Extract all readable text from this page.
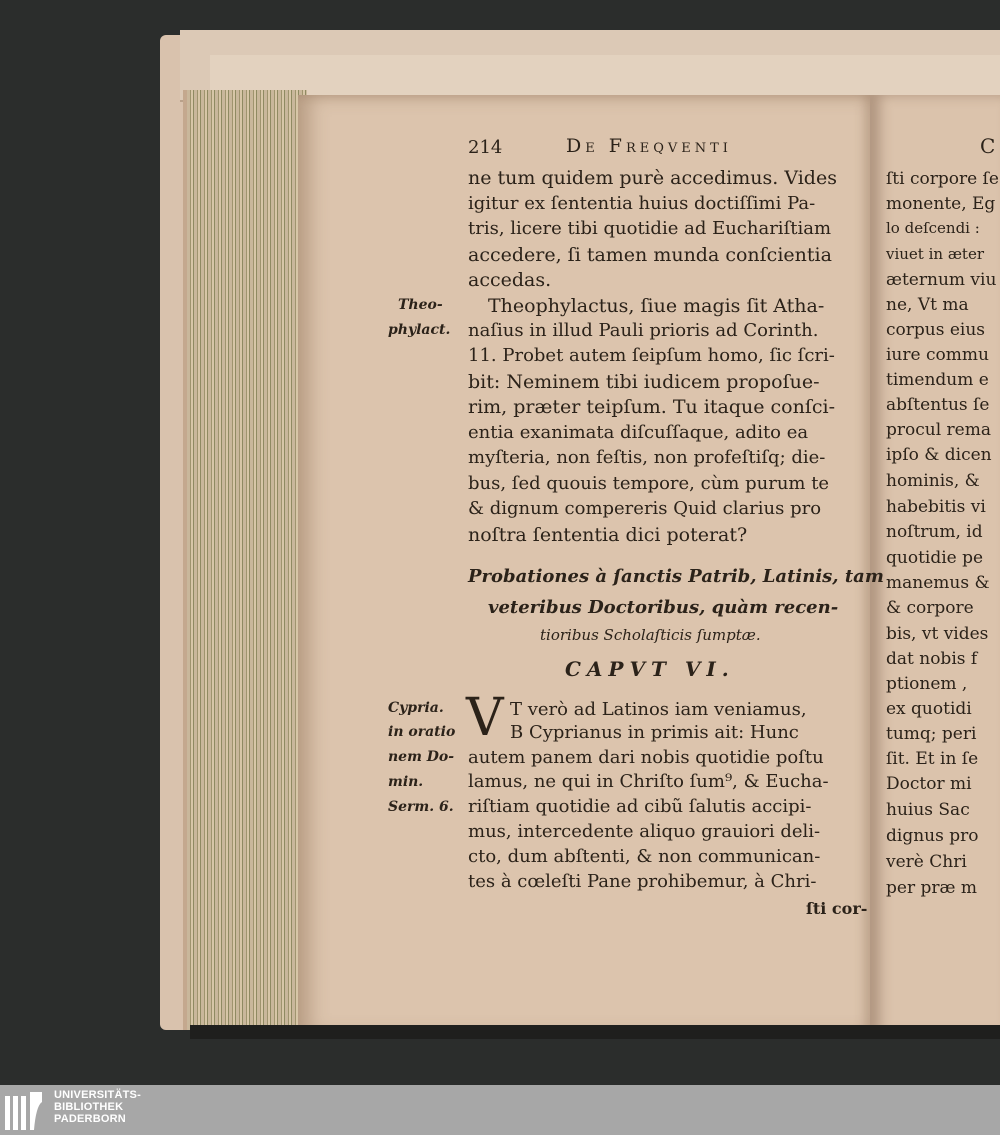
214	De Freqventi
ne tum quidem purè accedimus. Vides
igitur ex ſententia huius doctiſſimi Pa-
tris, licere tibi quotidie ad Euchariſtiam
accedere, ſi tamen munda conſcientia
accedas.
Theophylactus, ſiue magis ſit Atha-
naſius in illud Pauli prioris ad Corinth.
11. Probet autem ſeipſum homo, ſic ſcri-
bit: Neminem tibi iudicem propoſue-
rim, præter teipſum. Tu itaque conſci-
entia exanimata diſcuſſaque, adito ea
myſteria, non feſtis, non profeſtiſq; die-
bus, ſed quouis tempore, cùm purum te
& dignum compereris Quid clarius pro
noſtra ſententia dici poterat?
Probationes à ſanctis Patrib, Latinis, tam
veteribus Doctoribus, quàm recen-
tioribus Scholaſticis ſumptæ.
CAPVT VI.
V T verò ad Latinos iam veniamus,
B Cyprianus in primis ait: Hunc
autem panem dari nobis quotidie poſtu
lamus, ne qui in Chriſto ſum⁹, & Eucha-
riſtiam quotidie ad cibũ ſalutis accipi-
mus, intercedente aliquo grauiori deli-
cto, dum abſtenti, & non communican-
tes à cœleſti Pane prohibemur, à Chri-
ſti cor-
Theo-
phylact.
Cypria.
in oratio
nem Do-
min.
Serm. 6.
C
ſti corpore ſe
monente, Eg
lo deſcendi :
viuet in æter
æternum viu
ne, Vt ma
corpus eius
iure commu
timendum e
abſtentus ſe
procul rema
ipſo & dicen
hominis, &
habebitis vi
noſtrum, id
quotidie pe
manemus &
& corpore
bis, vt vides
dat nobis f
ptionem ,
ex quotidi
tumq; peri
ſit. Et in ſe
Doctor mi
huius Sac
dignus pro
verè Chri
per præ m
UNIVERSITÄTS-
BIBLIOTHEK
PADERBORN
